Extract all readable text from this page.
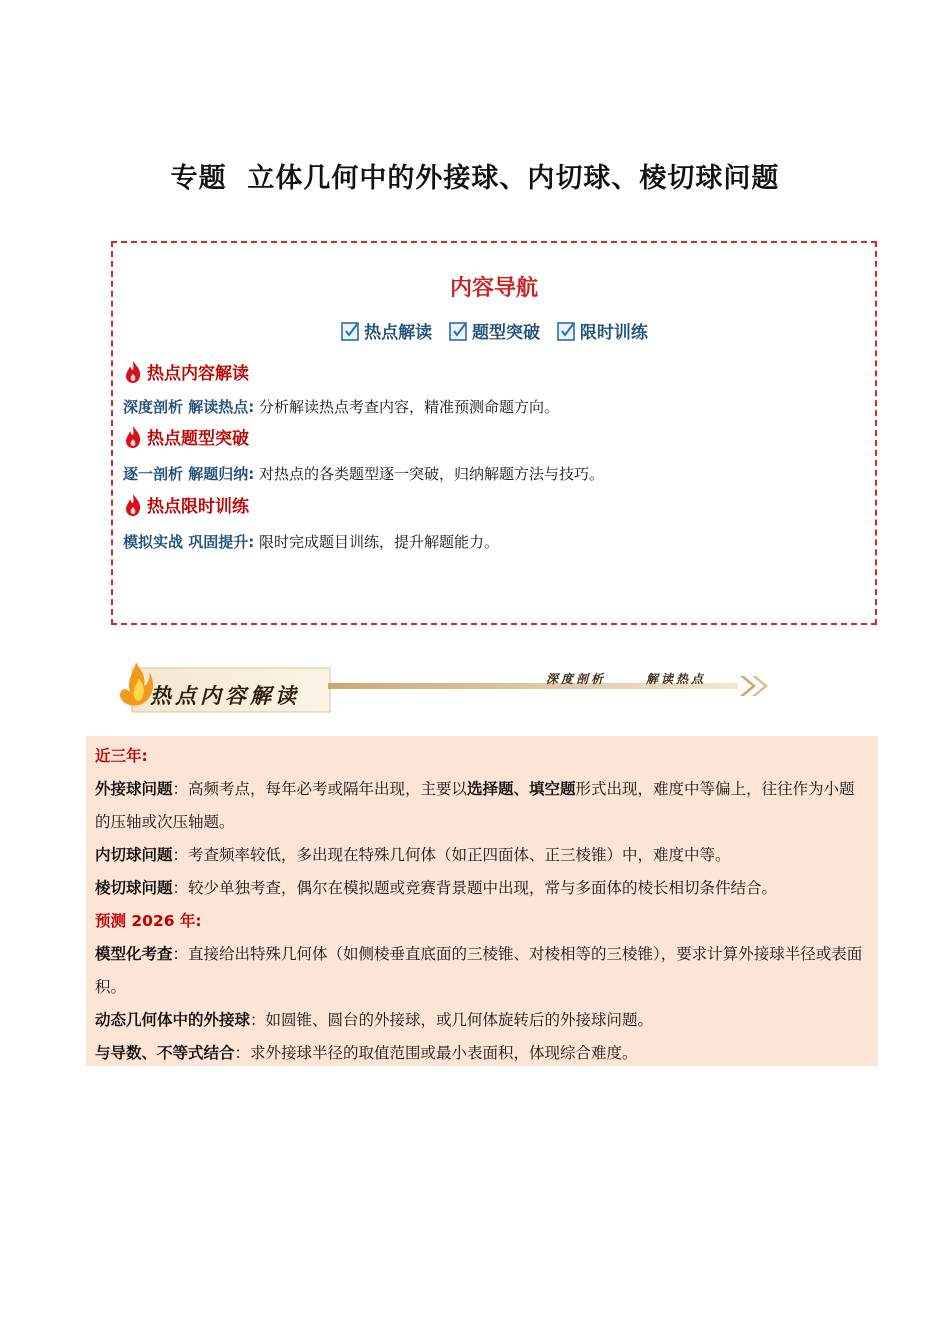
专题  立体几何中的外接球、内切球、棱切球问题
内容导航
热点解读
题型突破
限时训练
热点内容解读
深度剖析 解读热点: 分析解读热点考查内容，精准预测命题方向。
热点题型突破
逐一剖析 解题归纳: 对热点的各类题型逐一突破，归纳解题方法与技巧。
热点限时训练
模拟实战 巩固提升: 限时完成题目训练，提升解题能力。
热点内容解读
深度剖析	解读热点

近三年:

外接球问题：高频考点，每年必考或隔年出现，主要以选择题、填空题形式出现，难度中等偏上，往往作为小题的压轴或次压轴题。

内切球问题：考查频率较低，多出现在特殊几何体（如正四面体、正三棱锥）中，难度中等。

棱切球问题：较少单独考查，偶尔在模拟题或竞赛背景题中出现，常与多面体的棱长相切条件结合。

预测 2026 年:

模型化考查：直接给出特殊几何体（如侧棱垂直底面的三棱锥、对棱相等的三棱锥），要求计算外接球半径或表面积。

动态几何体中的外接球：如圆锥、圆台的外接球，或几何体旋转后的外接球问题。

与导数、不等式结合：求外接球半径的取值范围或最小表面积，体现综合难度。
